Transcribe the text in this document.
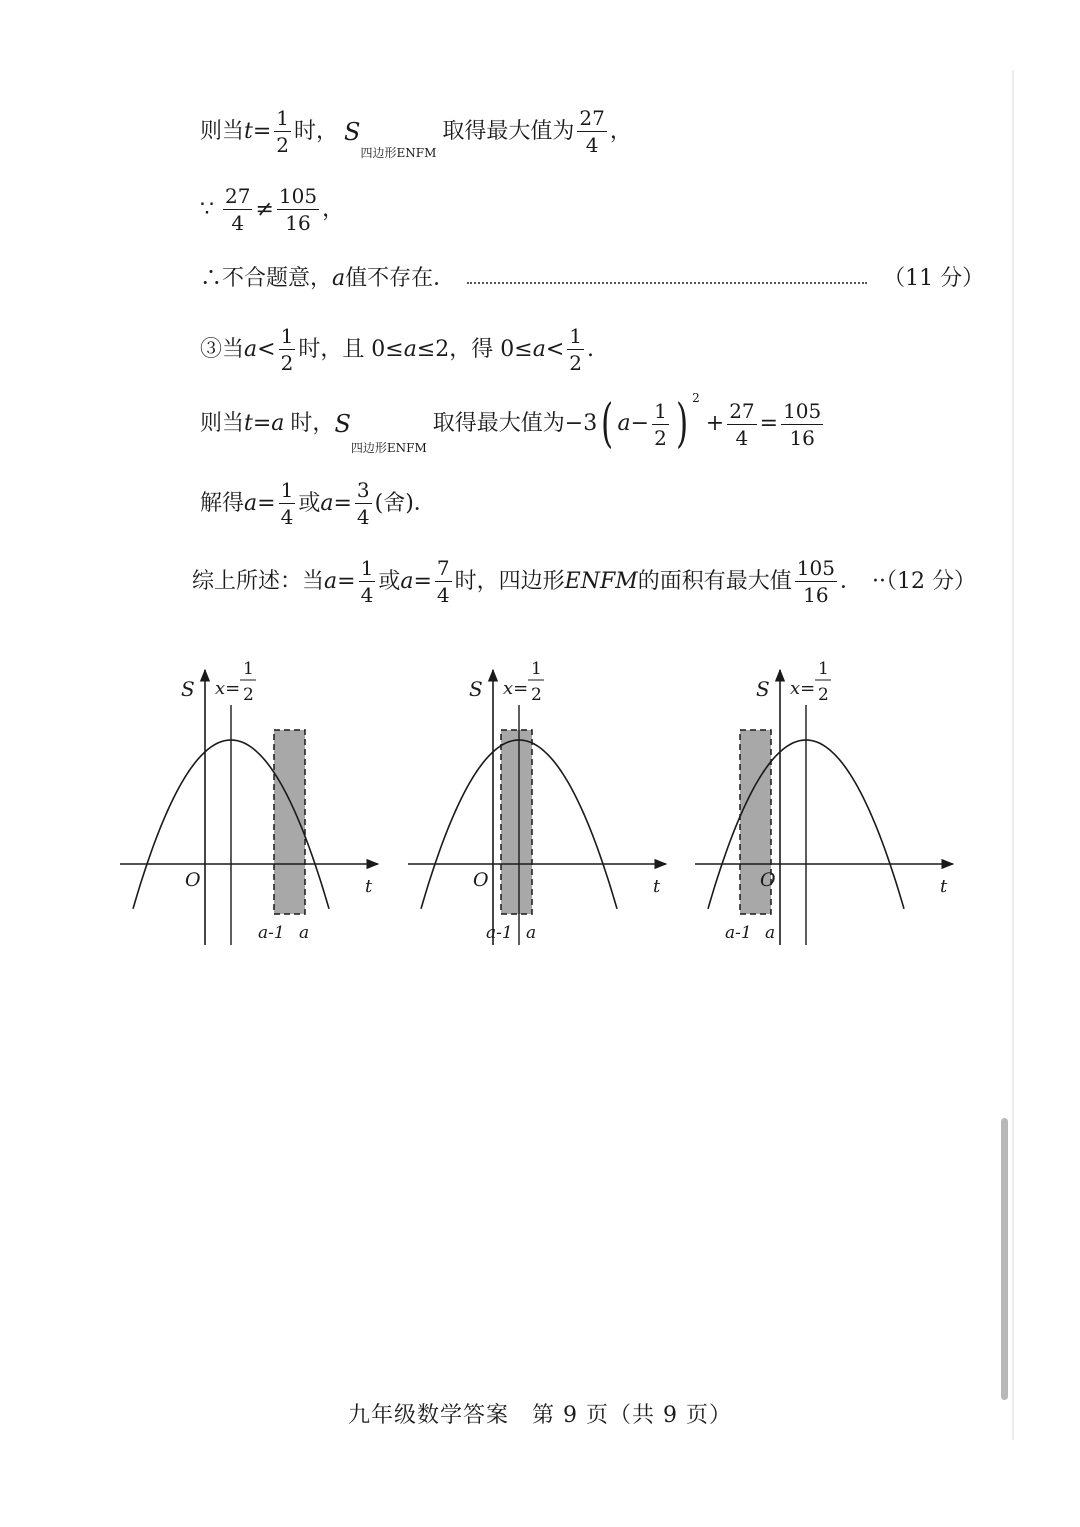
则当 $t = \frac{1}{2}$ 时， S
四边形ENFM
取得最大值为 $\frac{27}{4}$ ，
∵ $\frac{27}{4} \ne \frac{105}{16}$ ，
∴不合题意， a 值不存在．	（11 分）
③当 $a < \frac{1}{2}$ 时，且 0≤ a ≤2，得 $0\le a < \frac{1}{2}$ .
则当 t = a 时， S
四边形ENFM
取得最大值为 −3 ( $a - \frac{1}{2}$ ) 2
+ $\frac{27}{4} = \frac{105}{16}$
解得 $a = \frac{1}{4}$ 或 $a = \frac{3}{4}$ (舍)．
综上所述：当 $a = \frac{1}{4}$ 或 $a = \frac{7}{4}$ 时，四边形 ENFM 的面积有最大值 $\frac{105}{16}$ ． ··（12 分）
S
t
O
x=
1
2
a-1 a
S
t
O
x=
1
2
a-1 a
S
t
O
x=
1
2
a-1 a
九年级数学答案　第 9 页（共 9 页）
